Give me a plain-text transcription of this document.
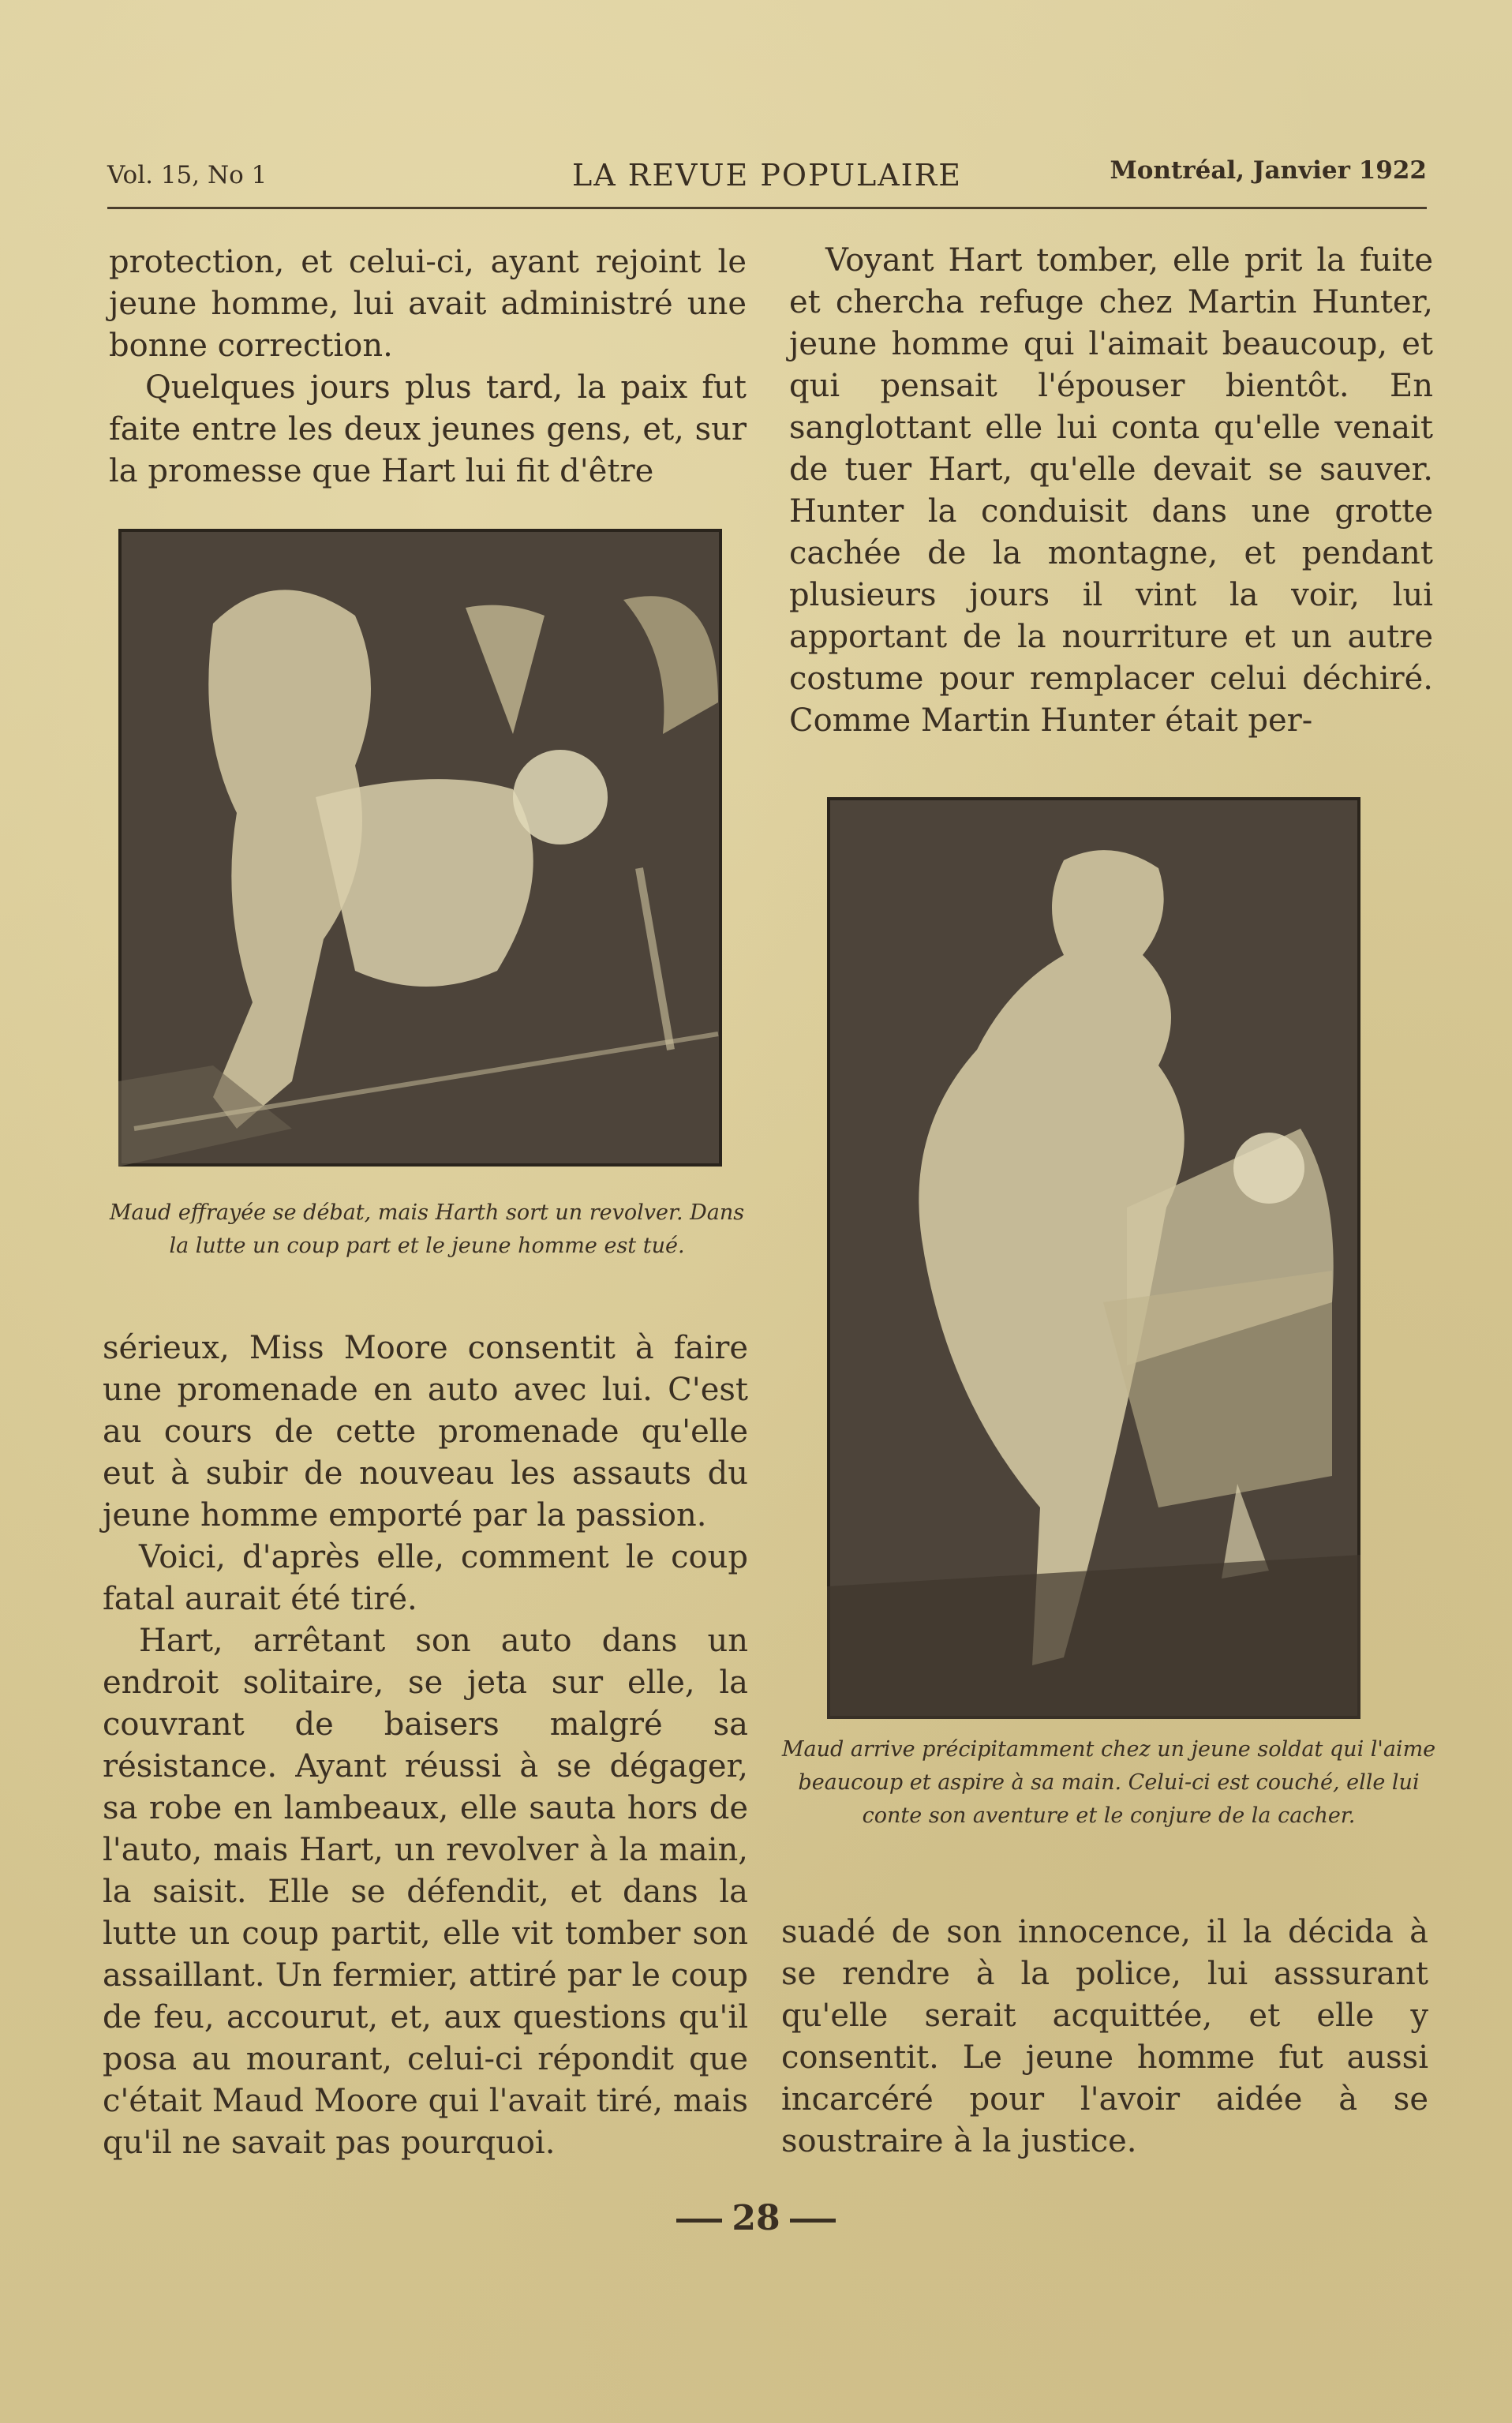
Vol. 15, No 1	LA REVUE POPULAIRE	Montréal, Janvier 1922

protection, et celui-ci, ayant rejoint le jeune homme, lui avait administré une bonne correction.

Quelques jours plus tard, la paix fut faite entre les deux jeunes gens, et, sur la promesse que Hart lui fit d'être

Maud effrayée se débat, mais Harth sort un revolver. Dans la lutte un coup part et le jeune homme est tué.

sérieux, Miss Moore consentit à faire une promenade en auto avec lui. C'est au cours de cette promenade qu'elle eut à subir de nouveau les assauts du jeune homme emporté par la passion.

Voici, d'après elle, comment le coup fatal aurait été tiré.

Hart, arrêtant son auto dans un endroit solitaire, se jeta sur elle, la couvrant de baisers malgré sa résistance. Ayant réussi à se dégager, sa robe en lambeaux, elle sauta hors de l'auto, mais Hart, un revolver à la main, la saisit. Elle se défendit, et dans la lutte un coup partit, elle vit tomber son assaillant. Un fermier, attiré par le coup de feu, accourut, et, aux questions qu'il posa au mourant, celui-ci répondit que c'était Maud Moore qui l'avait tiré, mais qu'il ne savait pas pourquoi.

Voyant Hart tomber, elle prit la fuite et chercha refuge chez Martin Hunter, jeune homme qui l'aimait beaucoup, et qui pensait l'épouser bientôt. En sanglottant elle lui conta qu'elle venait de tuer Hart, qu'elle devait se sauver. Hunter la conduisit dans une grotte cachée de la montagne, et pendant plusieurs jours il vint la voir, lui apportant de la nourriture et un autre costume pour remplacer celui déchiré. Comme Martin Hunter était per-

Maud arrive précipitamment chez un jeune soldat qui l'aime beaucoup et aspire à sa main. Celui-ci est couché, elle lui conte son aventure et le conjure de la cacher.

suadé de son innocence, il la décida à se rendre à la police, lui asssurant qu'elle serait acquittée, et elle y consentit. Le jeune homme fut aussi incarcéré pour l'avoir aidée à se soustraire à la justice.

28
